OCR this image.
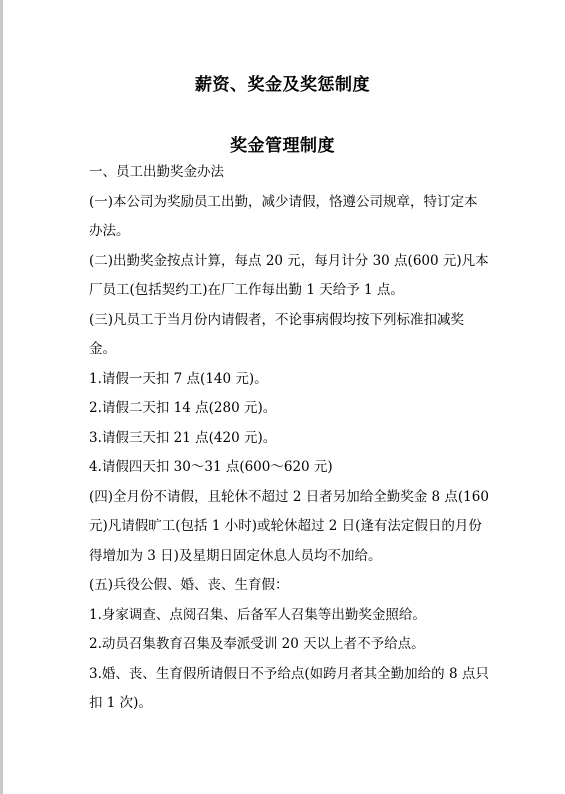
薪资、奖金及奖惩制度
奖金管理制度

一、员工出勤奖金办法

(一)本公司为奖励员工出勤，减少请假，恪遵公司规章，特订定本办法。

(二)出勤奖金按点计算，每点 20 元，每月计分 30 点(600 元)凡本厂员工(包括契约工)在厂工作每出勤 1 天给予 1 点。

(三)凡员工于当月份内请假者，不论事病假均按下列标准扣减奖金。

1.请假一天扣 7 点(140 元)。

2.请假二天扣 14 点(280 元)。

3.请假三天扣 21 点(420 元)。

4.请假四天扣 30～31 点(600～620 元)

(四)全月份不请假，且轮休不超过 2 日者另加给全勤奖金 8 点(160 元)凡请假旷工(包括 1 小时)或轮休超过 2 日(逢有法定假日的月份得增加为 3 日)及星期日固定休息人员均不加给。

(五)兵役公假、婚、丧、生育假：

1.身家调查、点阅召集、后备军人召集等出勤奖金照给。

2.动员召集教育召集及奉派受训 20 天以上者不予给点。

3.婚、丧、生育假所请假日不予给点(如跨月者其全勤加给的 8 点只扣 1 次)。
